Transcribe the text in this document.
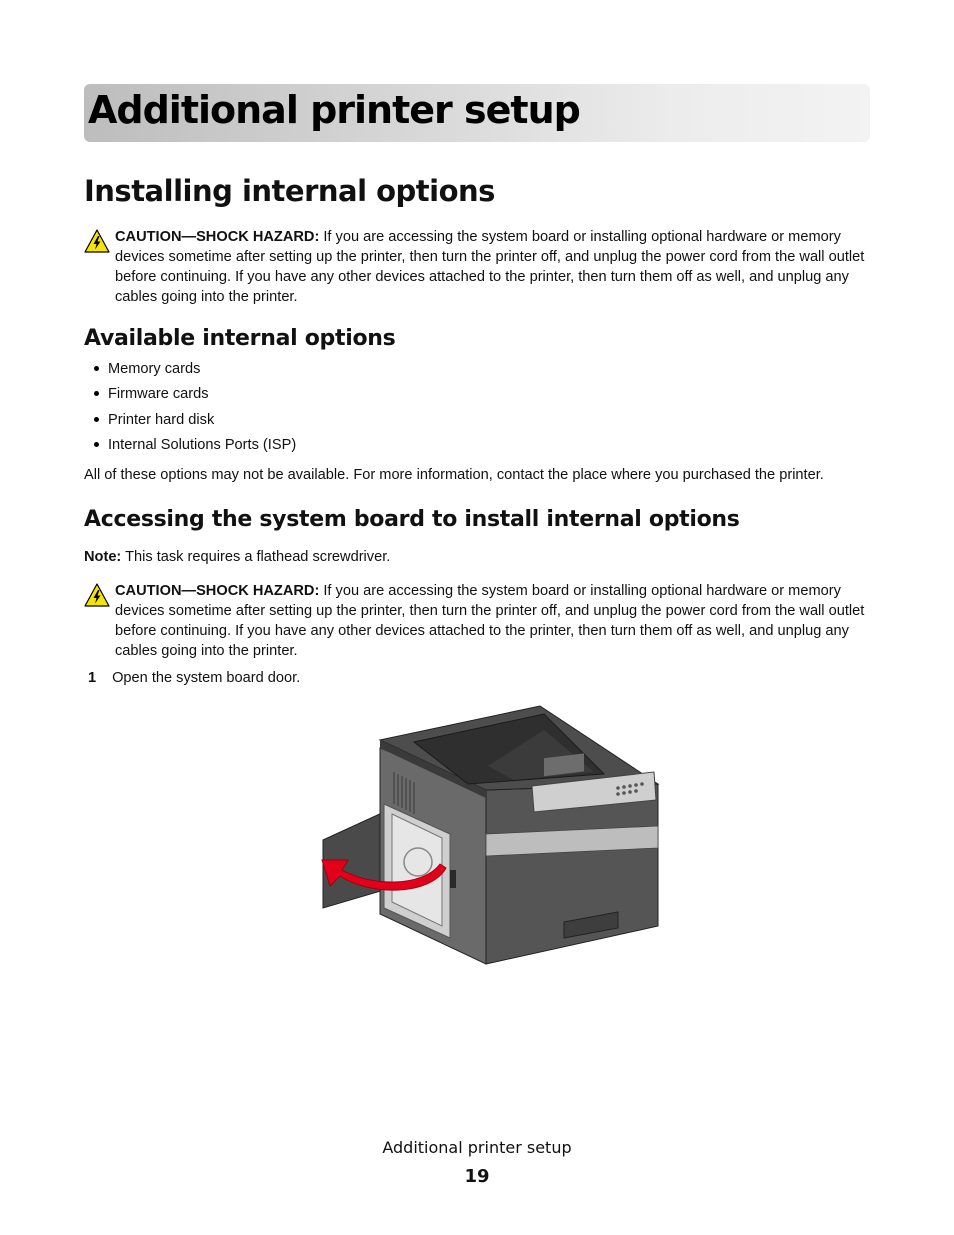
Additional printer setup
Installing internal options
CAUTION—SHOCK HAZARD: If you are accessing the system board or installing optional hardware or memory devices sometime after setting up the printer, then turn the printer off, and unplug the power cord from the wall outlet before continuing. If you have any other devices attached to the printer, then turn them off as well, and unplug any cables going into the printer.
Available internal options
Memory cards
Firmware cards
Printer hard disk
Internal Solutions Ports (ISP)

All of these options may not be available. For more information, contact the place where you purchased the printer.

Accessing the system board to install internal options

Note: This task requires a flathead screwdriver.

CAUTION—SHOCK HAZARD: If you are accessing the system board or installing optional hardware or memory devices sometime after setting up the printer, then turn the printer off, and unplug the power cord from the wall outlet before continuing. If you have any other devices attached to the printer, then turn them off as well, and unplug any cables going into the printer.
1 Open the system board door.
Additional printer setup
19
